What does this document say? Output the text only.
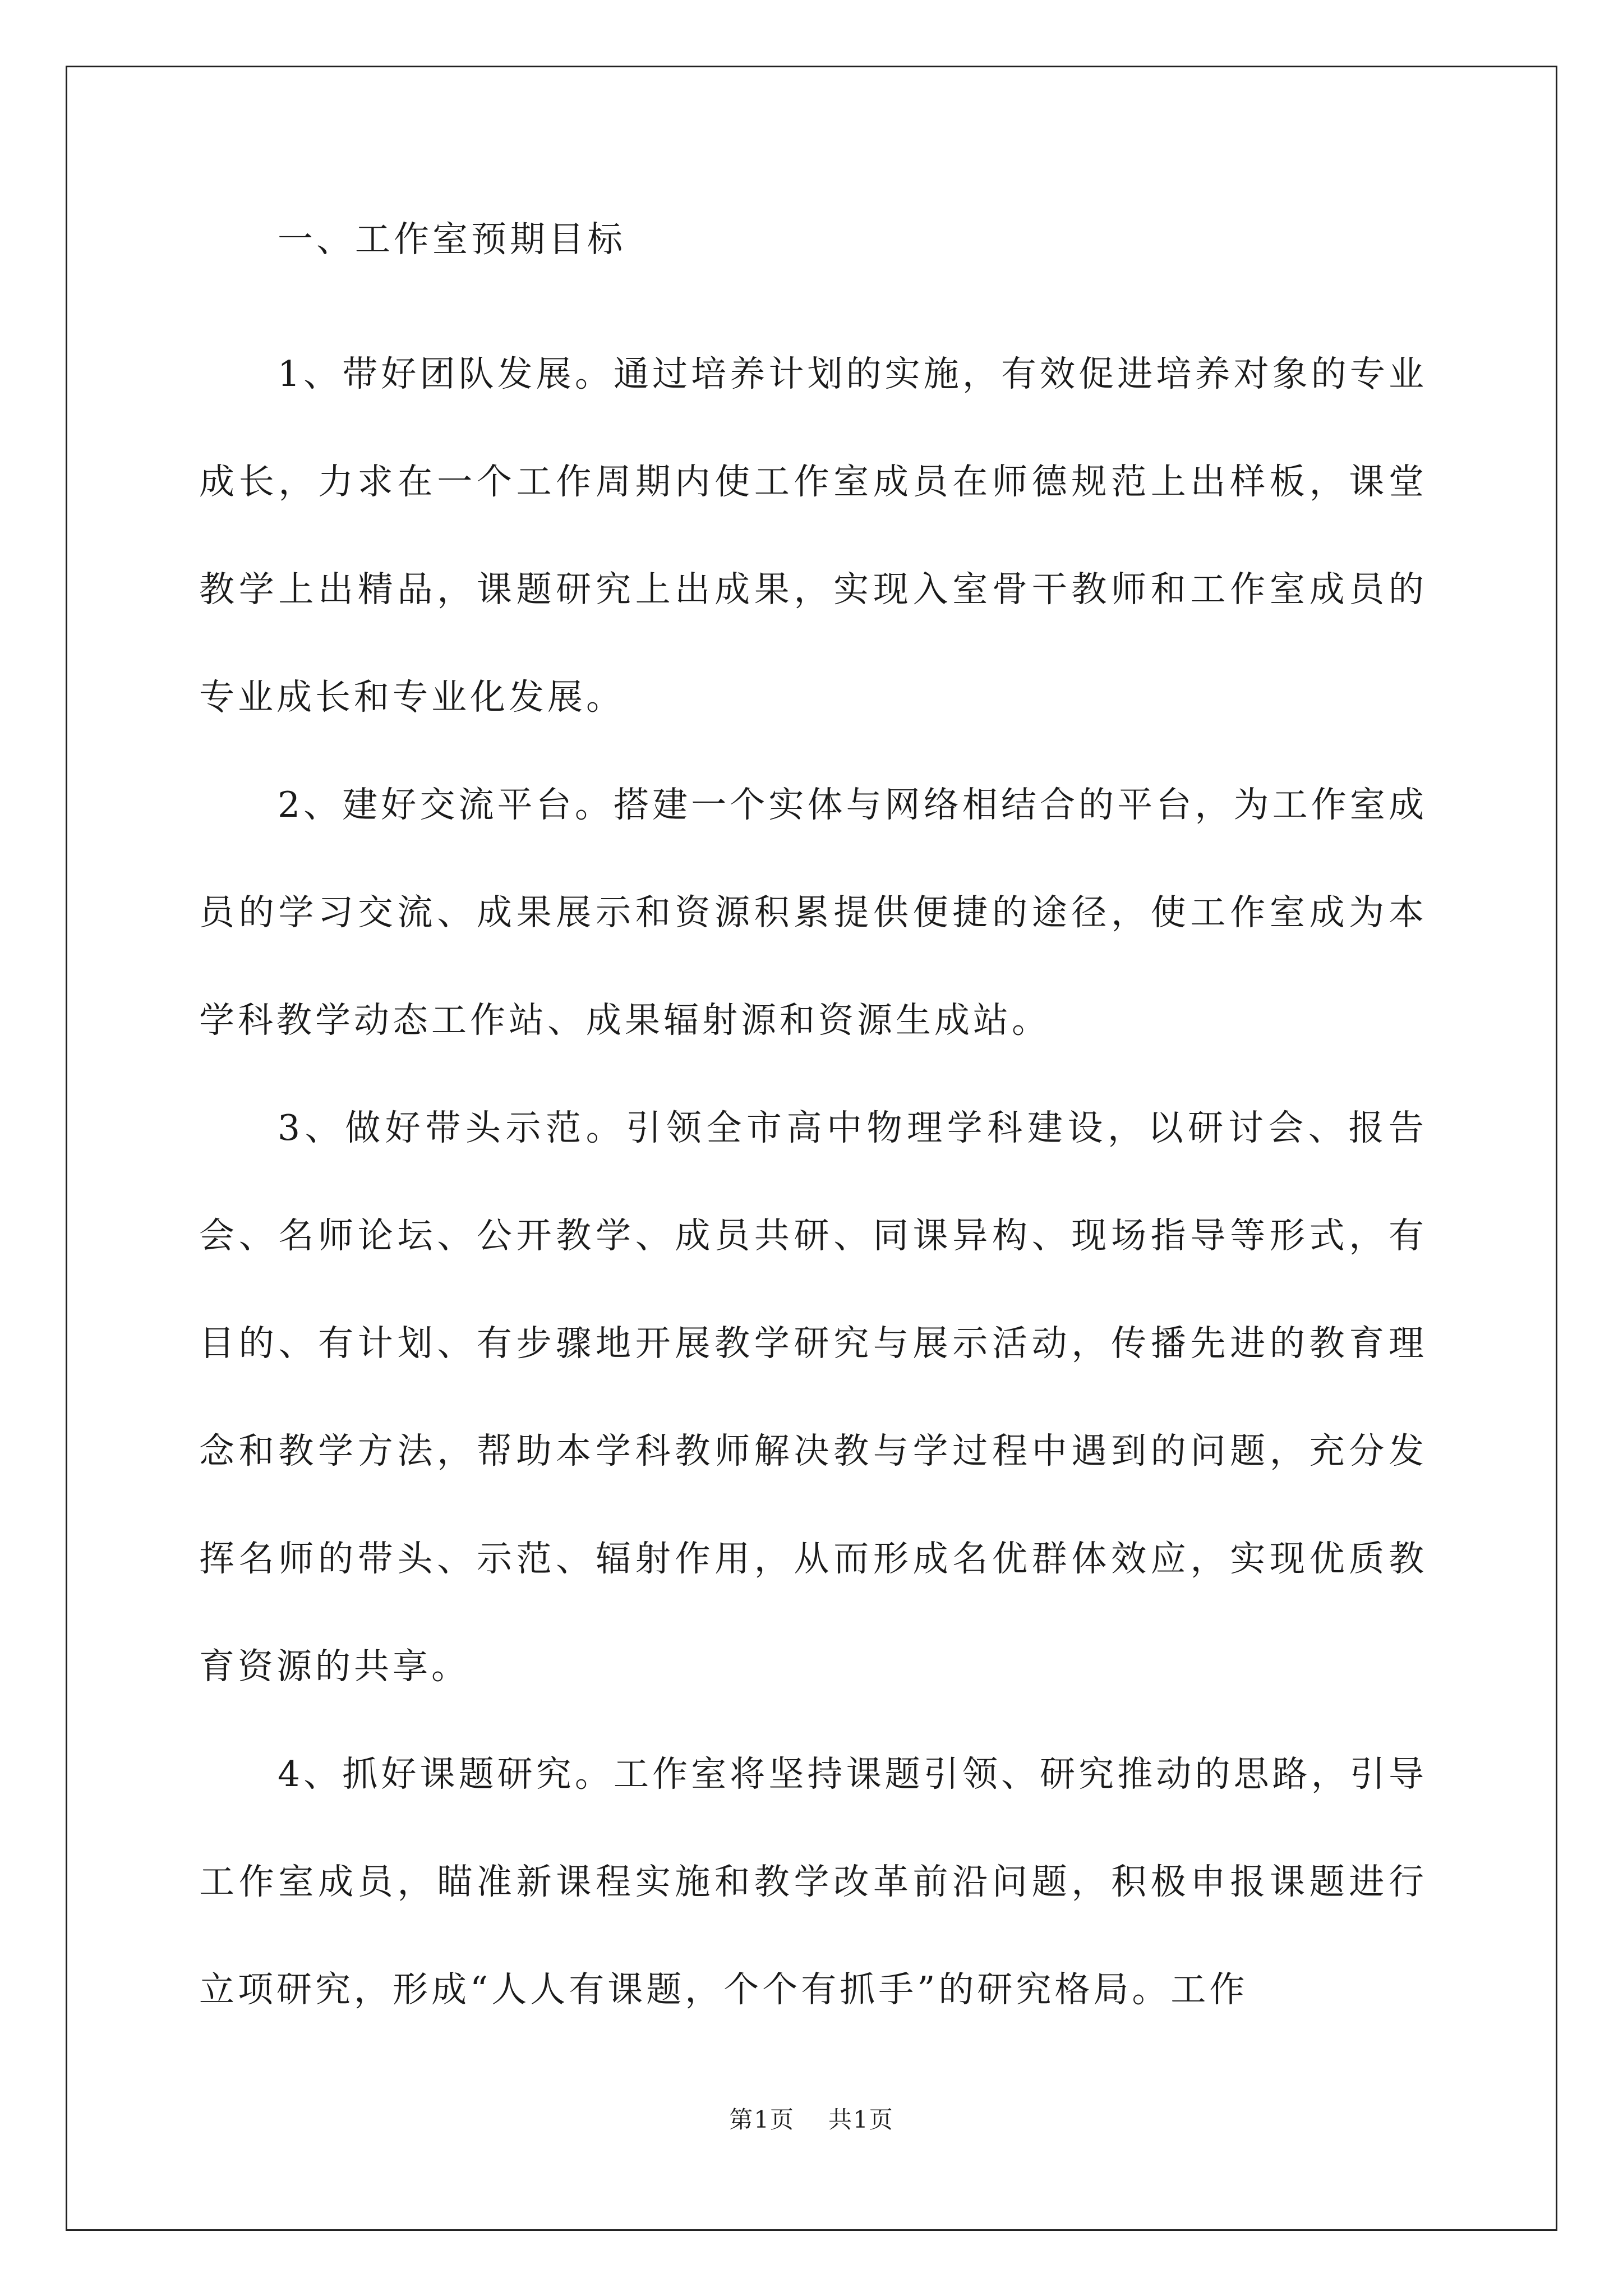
一、工作室预期目标

1、带好团队发展。通过培养计划的实施，有效促进培养对象的专业成长，力求在一个工作周期内使工作室成员在师德规范上出样板，课堂教学上出精品，课题研究上出成果，实现入室骨干教师和工作室成员的专业成长和专业化发展。

2、建好交流平台。搭建一个实体与网络相结合的平台，为工作室成员的学习交流、成果展示和资源积累提供便捷的途径，使工作室成为本学科教学动态工作站、成果辐射源和资源生成站。

3、做好带头示范。引领全市高中物理学科建设，以研讨会、报告会、名师论坛、公开教学、成员共研、同课异构、现场指导等形式，有目的、有计划、有步骤地开展教学研究与展示活动，传播先进的教育理念和教学方法，帮助本学科教师解决教与学过程中遇到的问题，充分发挥名师的带头、示范、辐射作用，从而形成名优群体效应，实现优质教育资源的共享。

4、抓好课题研究。工作室将坚持课题引领、研究推动的思路，引导工作室成员，瞄准新课程实施和教学改革前沿问题，积极申报课题进行立项研究，形成“人人有课题，个个有抓手”的研究格局。工作

第1页 共1页
